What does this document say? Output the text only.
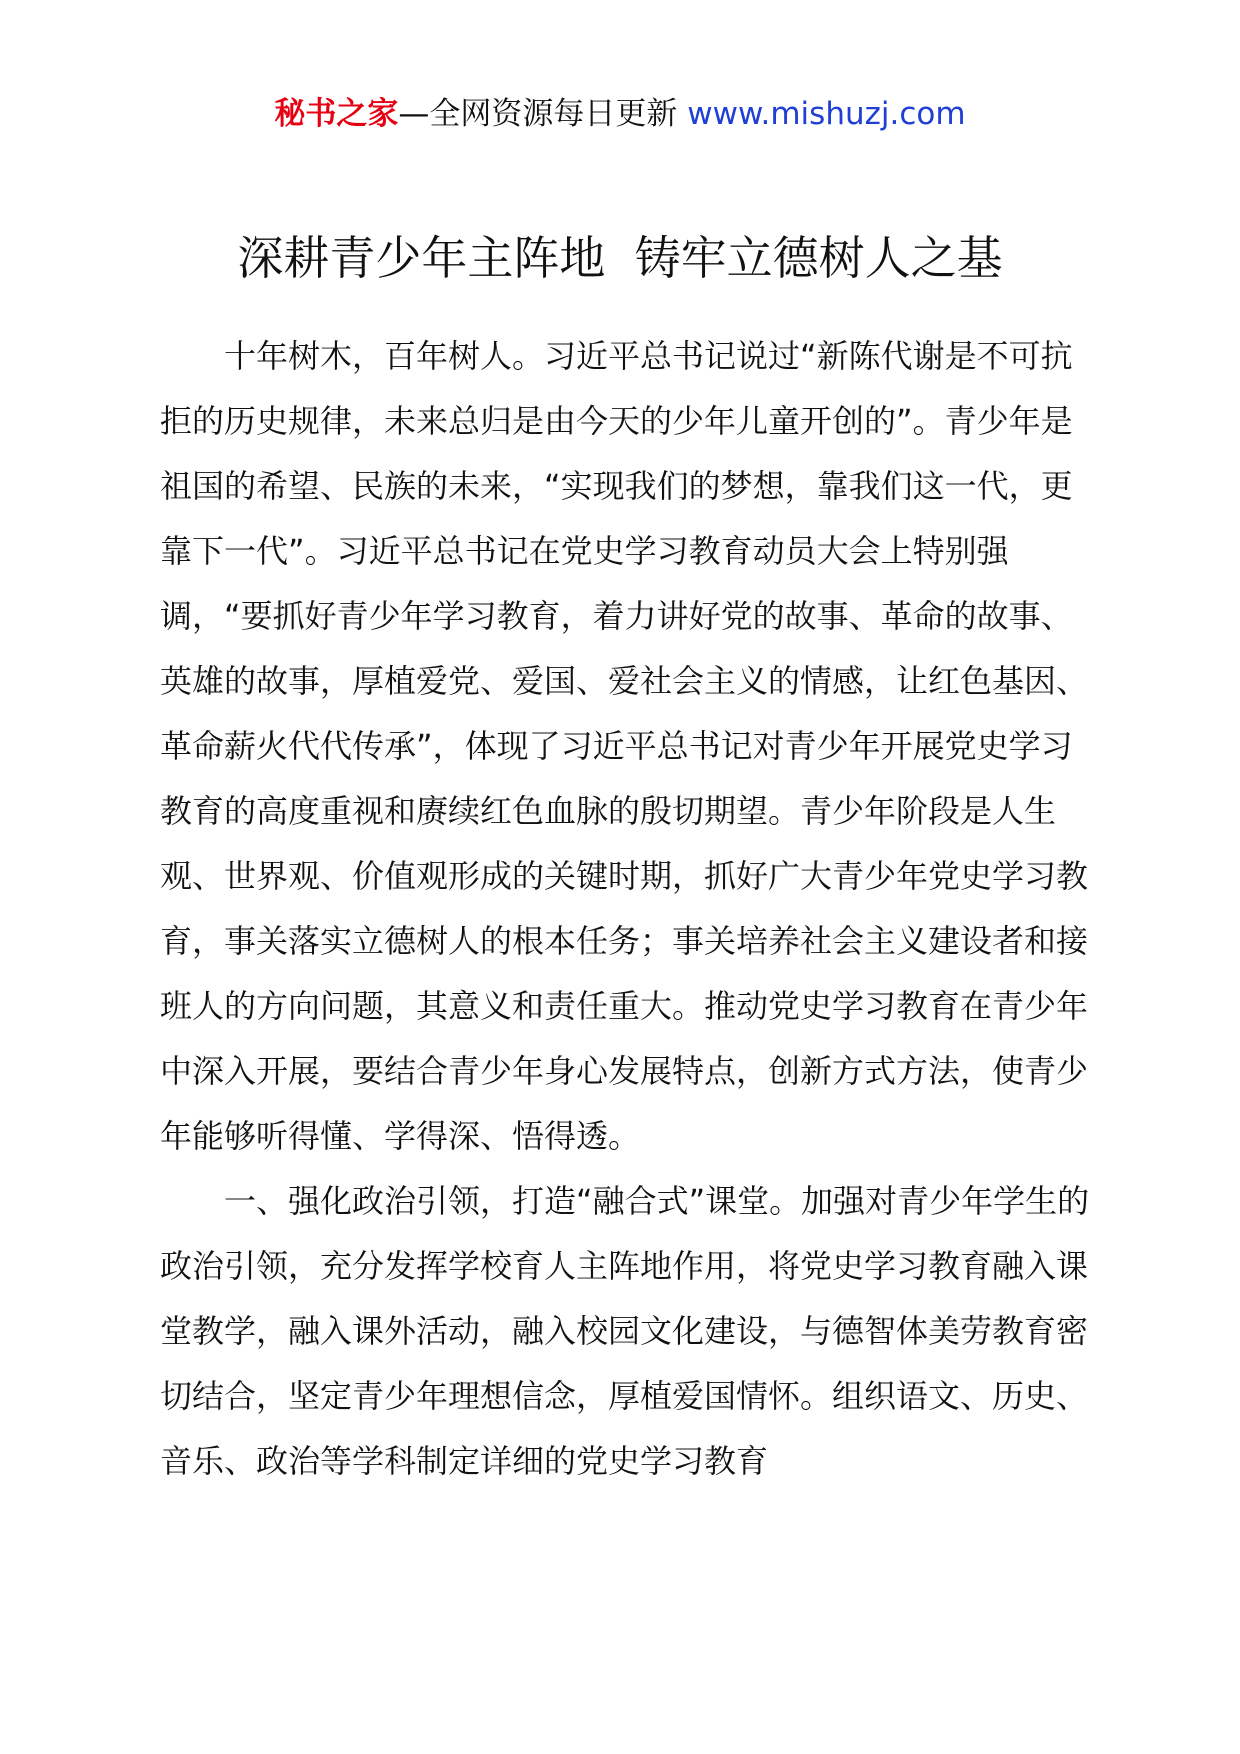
秘书之家—全网资源每日更新 www.mishuzj.com
深耕青少年主阵地  铸牢立德树人之基

十年树木，百年树人。习近平总书记说过“新陈代谢是不可抗拒的历史规律，未来总归是由今天的少年儿童开创的”。青少年是祖国的希望、民族的未来，“实现我们的梦想，靠我们这一代，更靠下一代”。习近平总书记在党史学习教育动员大会上特别强调，“要抓好青少年学习教育，着力讲好党的故事、革命的故事、英雄的故事，厚植爱党、爱国、爱社会主义的情感，让红色基因、革命薪火代代传承”，体现了习近平总书记对青少年开展党史学习教育的高度重视和赓续红色血脉的殷切期望。青少年阶段是人生观、世界观、价值观形成的关键时期，抓好广大青少年党史学习教育，事关落实立德树人的根本任务；事关培养社会主义建设者和接班人的方向问题，其意义和责任重大。推动党史学习教育在青少年中深入开展，要结合青少年身心发展特点，创新方式方法，使青少年能够听得懂、学得深、悟得透。

一、强化政治引领，打造“融合式”课堂。加强对青少年学生的政治引领，充分发挥学校育人主阵地作用，将党史学习教育融入课堂教学，融入课外活动，融入校园文化建设，与德智体美劳教育密切结合，坚定青少年理想信念，厚植爱国情怀。组织语文、历史、音乐、政治等学科制定详细的党史学习教育
